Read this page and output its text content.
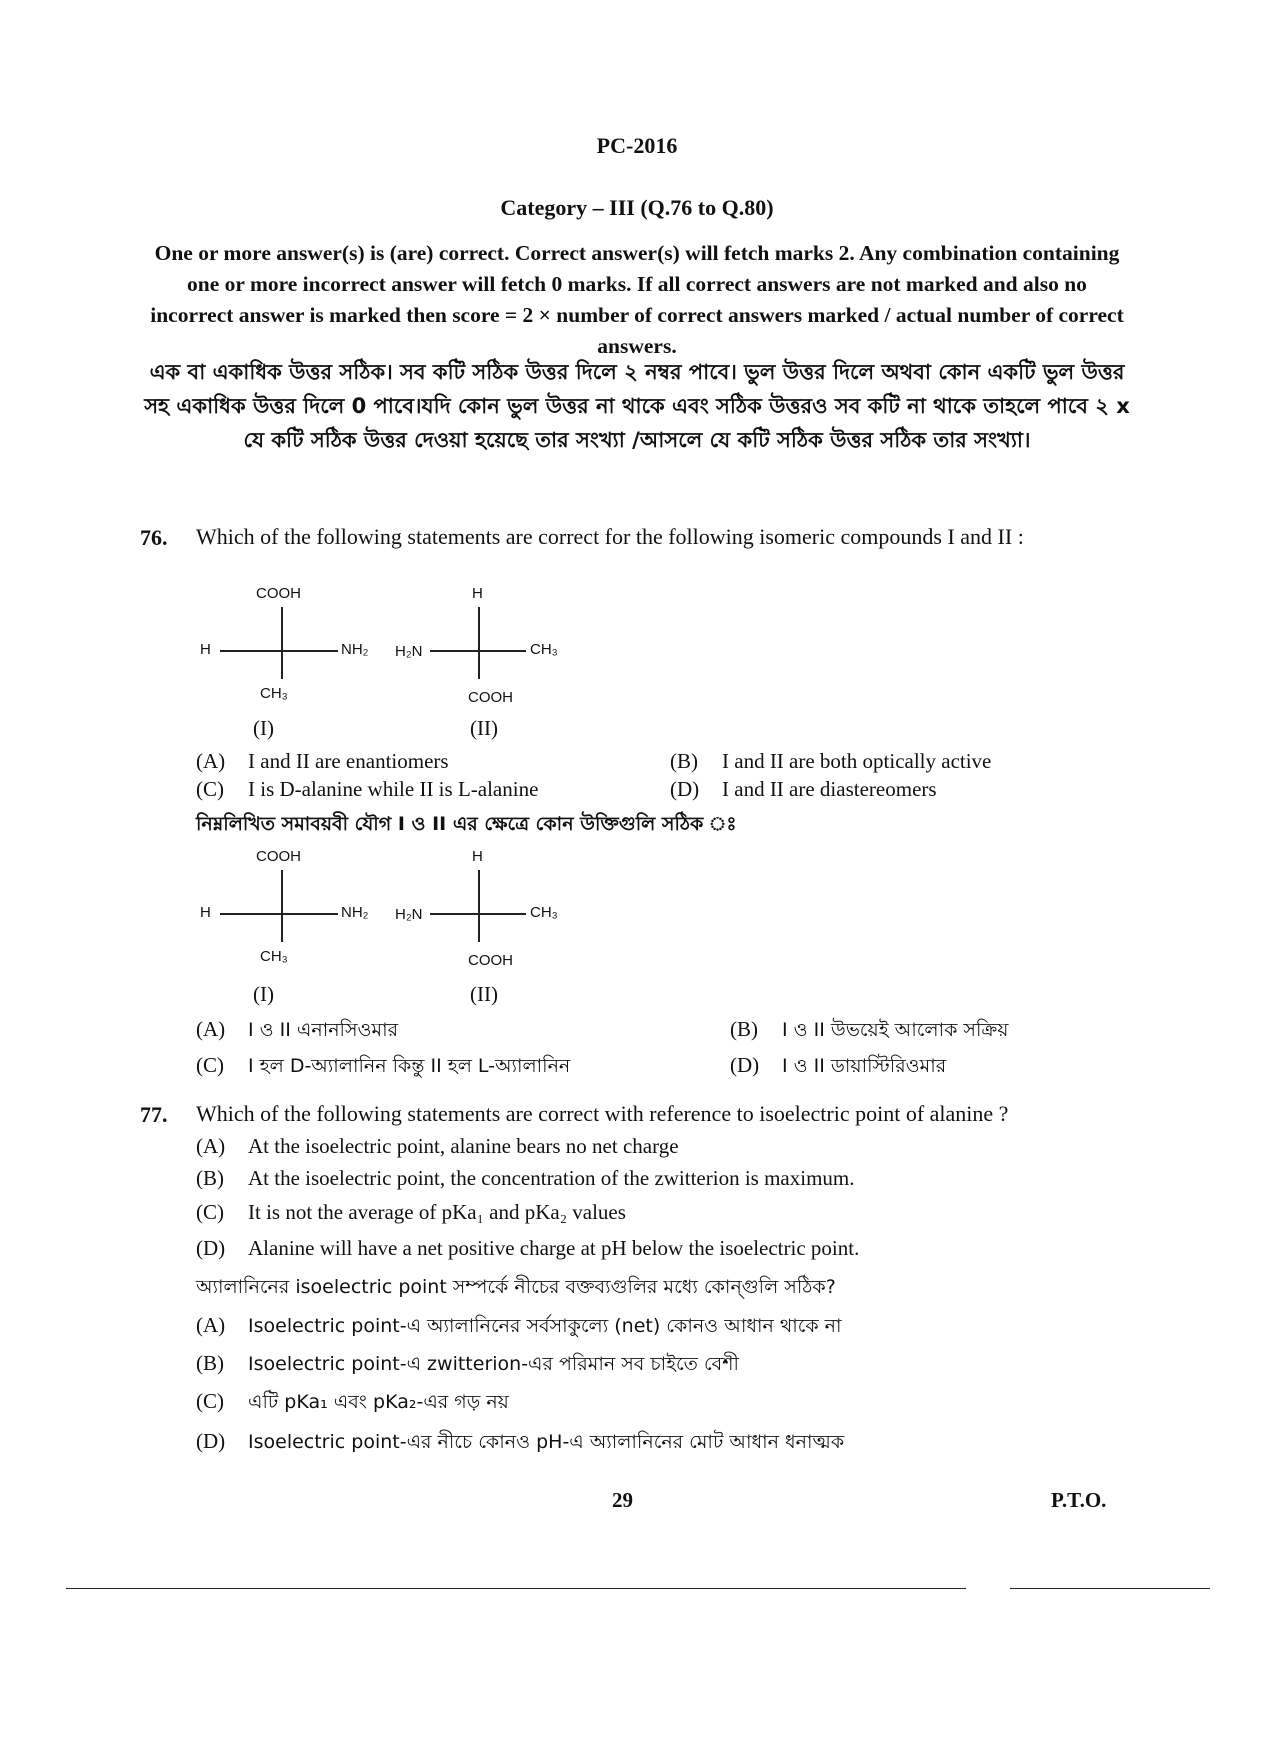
PC-2016
Category – III (Q.76 to Q.80)
One or more answer(s) is (are) correct. Correct answer(s) will fetch marks 2. Any combination containing one or more incorrect answer will fetch 0 marks. If all correct answers are not marked and also no incorrect answer is marked then score = 2 × number of correct answers marked / actual number of correct answers.
এক বা একাধিক উত্তর সঠিক। সব কটি সঠিক উত্তর দিলে ২ নম্বর পাবে। ভুল উত্তর দিলে অথবা কোন একটি ভুল উত্তর সহ একাধিক উত্তর দিলে 0 পাবে।যদি কোন ভুল উত্তর না থাকে এবং সঠিক উত্তরও সব কটি না থাকে তাহলে পাবে ২ x যে কটি সঠিক উত্তর দেওয়া হয়েছে তার সংখ্যা /আসলে যে কটি সঠিক উত্তর সঠিক তার সংখ্যা।
76. Which of the following statements are correct for the following isomeric compounds I and II :
COOH
H	NH₂
CH₃
H
H₂N	CH₃
COOH
(I)	(II)
(A) I and II are enantiomers	(B) I and II are both optically active
(C) I is D-alanine while II is L-alanine	(D) I and II are diastereomers
নিম্নলিখিত সমাবয়বী যৌগ I ও II এর ক্ষেত্রে কোন উক্তিগুলি সঠিক ঃ
COOH
H	NH₂
CH₃
H
H₂N	CH₃
COOH
(I)	(II)
(A) I ও II এনানসিওমার	(B) I ও II উভয়েই আলোক সক্রিয়
(C) I হল D-অ্যালানিন কিন্তু II হল L-অ্যালানিন	(D) I ও II ডায়াস্টিরিওমার
77. Which of the following statements are correct with reference to isoelectric point of alanine ?
(A) At the isoelectric point, alanine bears no net charge
(B) At the isoelectric point, the concentration of the zwitterion is maximum.
(C) It is not the average of pKa₁ and pKa₂ values
(D) Alanine will have a net positive charge at pH below the isoelectric point.
অ্যালানিনের isoelectric point সম্পর্কে নীচের বক্তব্যগুলির মধ্যে কোন্‌গুলি সঠিক?
(A) Isoelectric point-এ অ্যালানিনের সর্বসাকুল্যে (net) কোনও আধান থাকে না
(B) Isoelectric point-এ zwitterion-এর পরিমান সব চাইতে বেশী
(C) এটি pKa₁ এবং pKa₂-এর গড় নয়
(D) Isoelectric point-এর নীচে কোনও pH-এ অ্যালানিনের মোট আধান ধনাত্মক
29	P.T.O.
